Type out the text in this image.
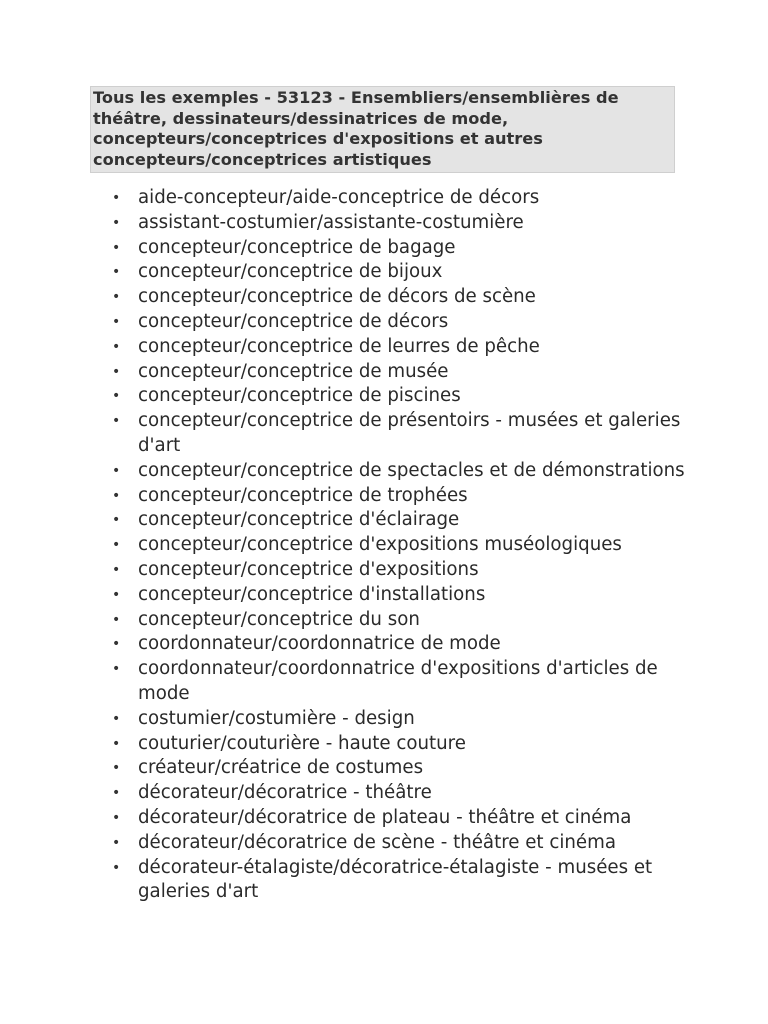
Tous les exemples - 53123 - Ensembliers/ensemblières de théâtre, dessinateurs/dessinatrices de mode, concepteurs/conceptrices d'expositions et autres concepteurs/conceptrices artistiques
• aide-concepteur/aide-conceptrice de décors
• assistant-costumier/assistante-costumière
• concepteur/conceptrice de bagage
• concepteur/conceptrice de bijoux
• concepteur/conceptrice de décors de scène
• concepteur/conceptrice de décors
• concepteur/conceptrice de leurres de pêche
• concepteur/conceptrice de musée
• concepteur/conceptrice de piscines
• concepteur/conceptrice de présentoirs - musées et galeries d'art
• concepteur/conceptrice de spectacles et de démonstrations
• concepteur/conceptrice de trophées
• concepteur/conceptrice d'éclairage
• concepteur/conceptrice d'expositions muséologiques
• concepteur/conceptrice d'expositions
• concepteur/conceptrice d'installations
• concepteur/conceptrice du son
• coordonnateur/coordonnatrice de mode
• coordonnateur/coordonnatrice d'expositions d'articles de mode
• costumier/costumière - design
• couturier/couturière - haute couture
• créateur/créatrice de costumes
• décorateur/décoratrice - théâtre
• décorateur/décoratrice de plateau - théâtre et cinéma
• décorateur/décoratrice de scène - théâtre et cinéma
• décorateur-étalagiste/décoratrice-étalagiste - musées et galeries d'art
